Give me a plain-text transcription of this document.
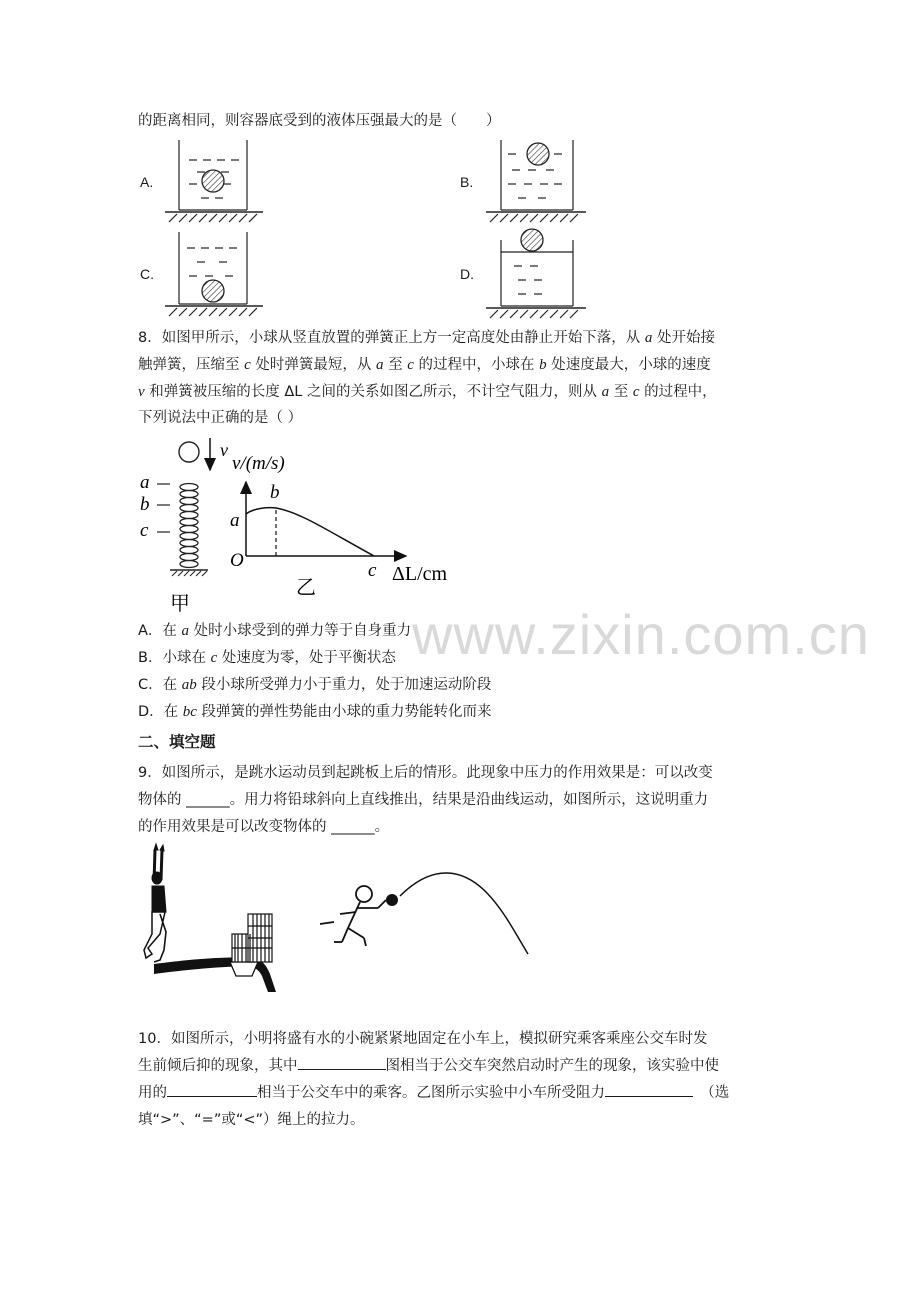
的距离相同，则容器底受到的液体压强最大的是（　　）
A.	B.
C.	D.
8．如图甲所示，小球从竖直放置的弹簧正上方一定高度处由静止开始下落，从 a 处开始接
触弹簧，压缩至 c 处时弹簧最短，从 a 至 c 的过程中，小球在 b 处速度最大，小球的速度
v 和弹簧被压缩的长度 ΔL 之间的关系如图乙所示，不计空气阻力，则从 a 至 c 的过程中，
下列说法中正确的是（ ）
v
a
b
c
甲
v/(m/s)
b
a
O	c ΔL/cm
乙
www.zixin.com.cn
A．在 a 处时小球受到的弹力等于自身重力
B．小球在 c 处速度为零，处于平衡状态
C．在 ab 段小球所受弹力小于重力，处于加速运动阶段
D．在 bc 段弹簧的弹性势能由小球的重力势能转化而来
二、填空题
9．如图所示，是跳水运动员到起跳板上后的情形。此现象中压力的作用效果是：可以改变
物体的 ______。用力将铅球斜向上直线推出，结果是沿曲线运动，如图所示，这说明重力
的作用效果是可以改变物体的 ______。
10．如图所示，小明将盛有水的小碗紧紧地固定在小车上，模拟研究乘客乘座公交车时发
生前倾后抑的现象，其中	图相当于公交车突然启动时产生的现象，该实验中使
用的	相当于公交车中的乘客。乙图所示实验中小车所受阻力　	（选
填“>”、“=”或“<”）绳上的拉力。
